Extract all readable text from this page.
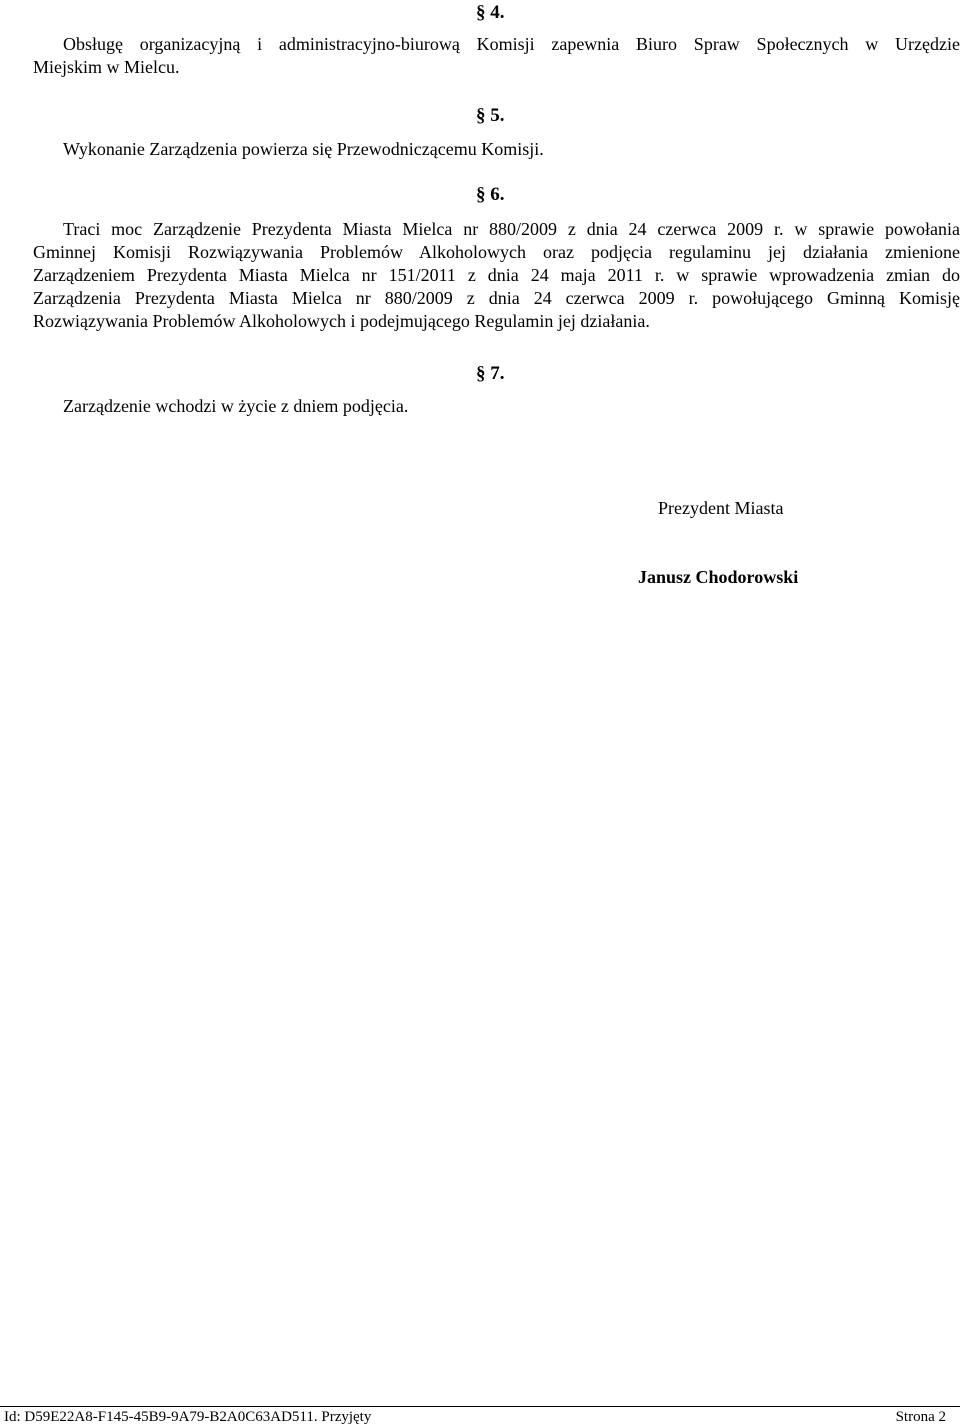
§ 4.
Obsługę organizacyjną i administracyjno-biurową Komisji zapewnia Biuro Spraw Społecznych w Urzędzie
Miejskim w Mielcu.
§ 5.
Wykonanie Zarządzenia powierza się Przewodniczącemu Komisji.
§ 6.
Traci moc Zarządzenie Prezydenta Miasta Mielca nr 880/2009 z dnia 24 czerwca 2009 r. w sprawie powołania
Gminnej Komisji Rozwiązywania Problemów Alkoholowych oraz podjęcia regulaminu jej działania zmienione
Zarządzeniem Prezydenta Miasta Mielca nr 151/2011 z dnia 24 maja 2011 r. w sprawie wprowadzenia zmian do
Zarządzenia Prezydenta Miasta Mielca nr 880/2009 z dnia 24 czerwca 2009 r. powołującego Gminną Komisję
Rozwiązywania Problemów Alkoholowych i podejmującego Regulamin jej działania.
§ 7.
Zarządzenie wchodzi w życie z dniem podjęcia.
Prezydent Miasta
Janusz Chodorowski
Id: D59E22A8-F145-45B9-9A79-B2A0C63AD511. Przyjęty	Strona 2
